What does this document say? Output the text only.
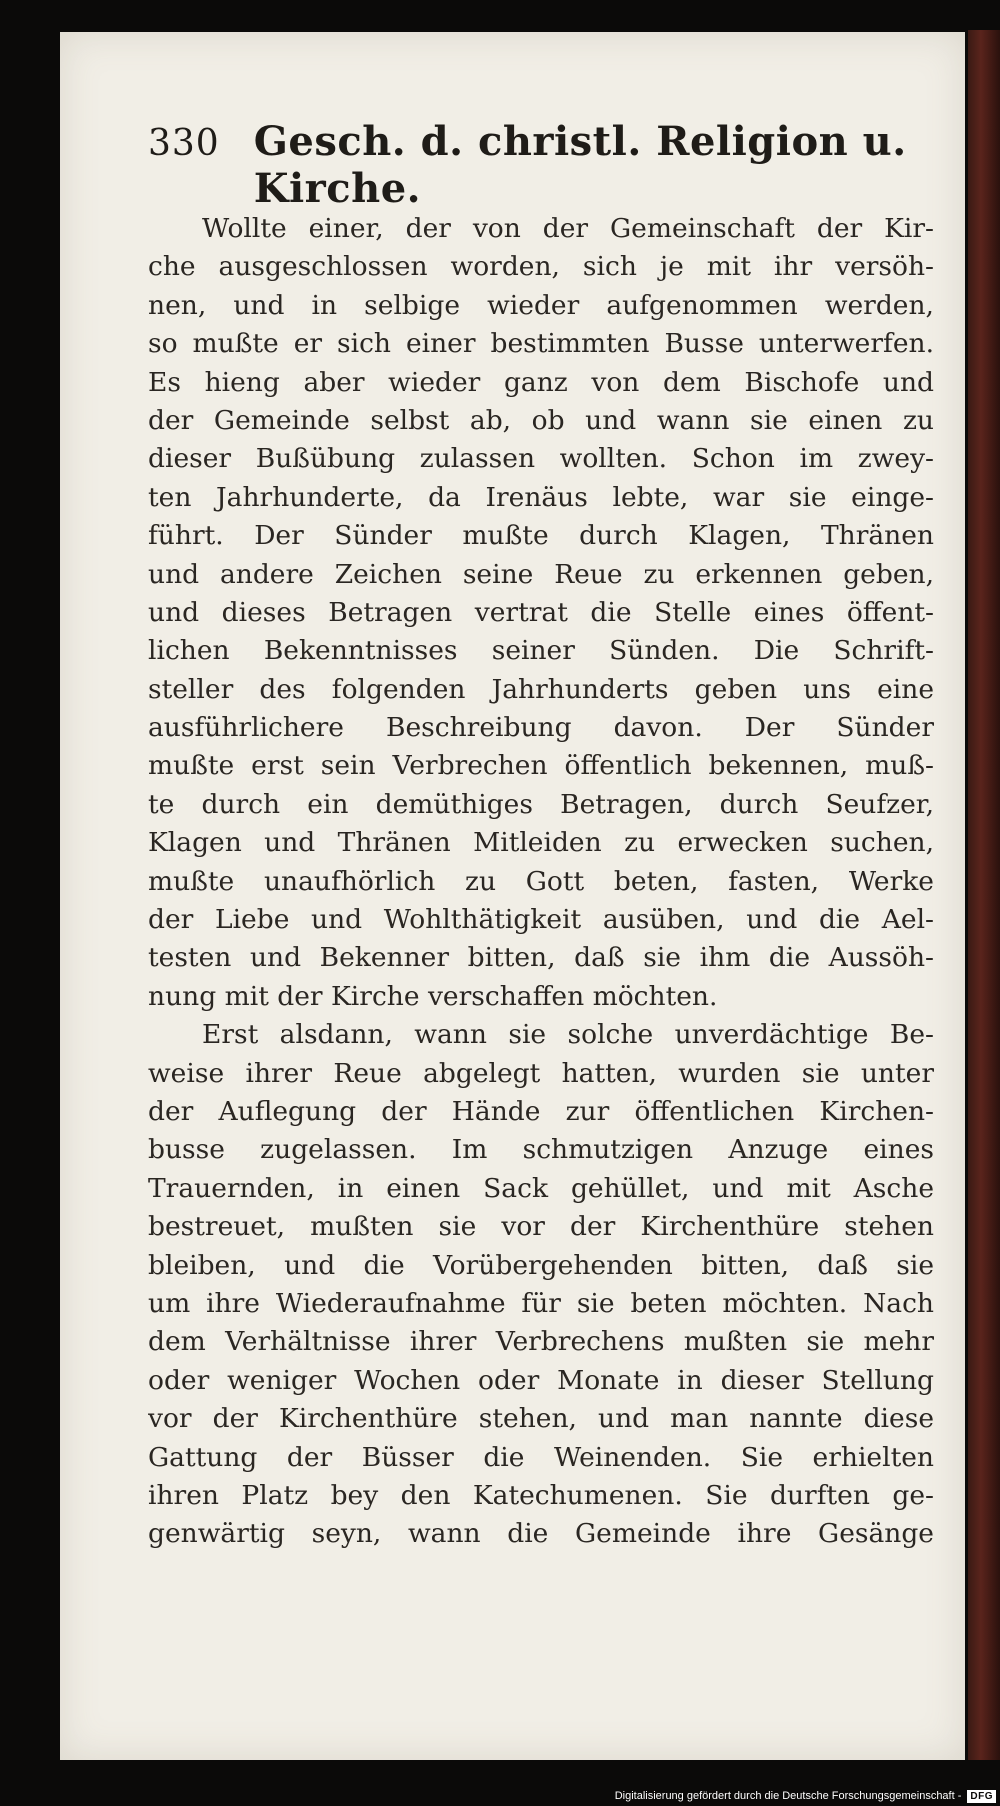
330 Gesch. d. christl. Religion u. Kirche.
Wollte einer, der von der Gemeinschaft der Kir-
che ausgeschlossen worden, sich je mit ihr versöh-
nen, und in selbige wieder aufgenommen werden,
so mußte er sich einer bestimmten Busse unterwerfen.
Es hieng aber wieder ganz von dem Bischofe und
der Gemeinde selbst ab, ob und wann sie einen zu
dieser Bußübung zulassen wollten. Schon im zwey-
ten Jahrhunderte, da Irenäus lebte, war sie einge-
führt. Der Sünder mußte durch Klagen, Thränen
und andere Zeichen seine Reue zu erkennen geben,
und dieses Betragen vertrat die Stelle eines öffent-
lichen Bekenntnisses seiner Sünden. Die Schrift-
steller des folgenden Jahrhunderts geben uns eine
ausführlichere Beschreibung davon. Der Sünder
mußte erst sein Verbrechen öffentlich bekennen, muß-
te durch ein demüthiges Betragen, durch Seufzer,
Klagen und Thränen Mitleiden zu erwecken suchen,
mußte unaufhörlich zu Gott beten, fasten, Werke
der Liebe und Wohlthätigkeit ausüben, und die Ael-
testen und Bekenner bitten, daß sie ihm die Aussöh-
nung mit der Kirche verschaffen möchten.
Erst alsdann, wann sie solche unverdächtige Be-
weise ihrer Reue abgelegt hatten, wurden sie unter
der Auflegung der Hände zur öffentlichen Kirchen-
busse zugelassen. Im schmutzigen Anzuge eines
Trauernden, in einen Sack gehüllet, und mit Asche
bestreuet, mußten sie vor der Kirchenthüre stehen
bleiben, und die Vorübergehenden bitten, daß sie
um ihre Wiederaufnahme für sie beten möchten. Nach
dem Verhältnisse ihrer Verbrechens mußten sie mehr
oder weniger Wochen oder Monate in dieser Stellung
vor der Kirchenthüre stehen, und man nannte diese
Gattung der Büsser die Weinenden. Sie erhielten
ihren Platz bey den Katechumenen. Sie durften ge-
genwärtig seyn, wann die Gemeinde ihre Gesänge
Digitalisierung gefördert durch die Deutsche Forschungsgemeinschaft - DFG
